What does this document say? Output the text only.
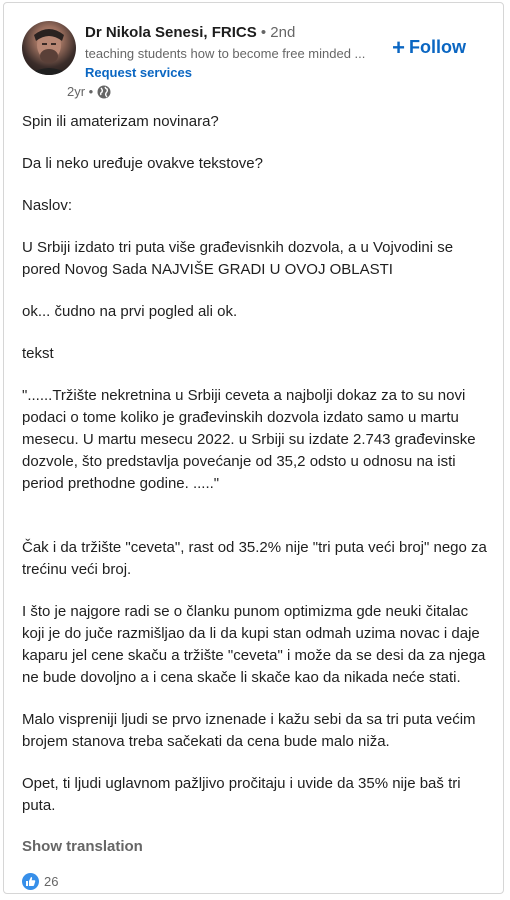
Dr Nikola Senesi, FRICS • 2nd
teaching students how to become free minded ...
Request services
+ Follow
2yr •

Spin ili amaterizam novinara?

Da li neko uređuje ovakve tekstove?

Naslov:

U Srbiji izdato tri puta više građevisnkih dozvola, a u Vojvodini se pored Novog Sada NAJVIŠE GRADI U OVOJ OBLASTI

ok... čudno na prvi pogled ali ok.

tekst

"......Tržište nekretnina u Srbiji ceveta a najbolji dokaz za to su novi podaci o tome koliko je građevinskih dozvola izdato samo u martu mesecu. U martu mesecu 2022. u Srbiji su izdate 2.743 građevinske dozvole, što predstavlja povećanje od 35,2 odsto u odnosu na isti period prethodne godine. ....."

Čak i da tržište "ceveta", rast od 35.2% nije "tri puta veći broj" nego za trećinu veći broj.

I što je najgore radi se o članku punom optimizma gde neuki čitalac koji je do juče razmišljao da li da kupi stan odmah uzima novac i daje kaparu jel cene skaču a tržište "ceveta" i može da se desi da za njega ne bude dovoljno a i cena skače li skače kao da nikada neće stati.

Malo vispreniji ljudi se prvo iznenade i kažu sebi da sa tri puta većim brojem stanova treba sačekati da cena bude malo niža.

Opet, ti ljudi uglavnom pažljivo pročitaju i uvide da 35% nije baš tri puta.

Show translation
26
